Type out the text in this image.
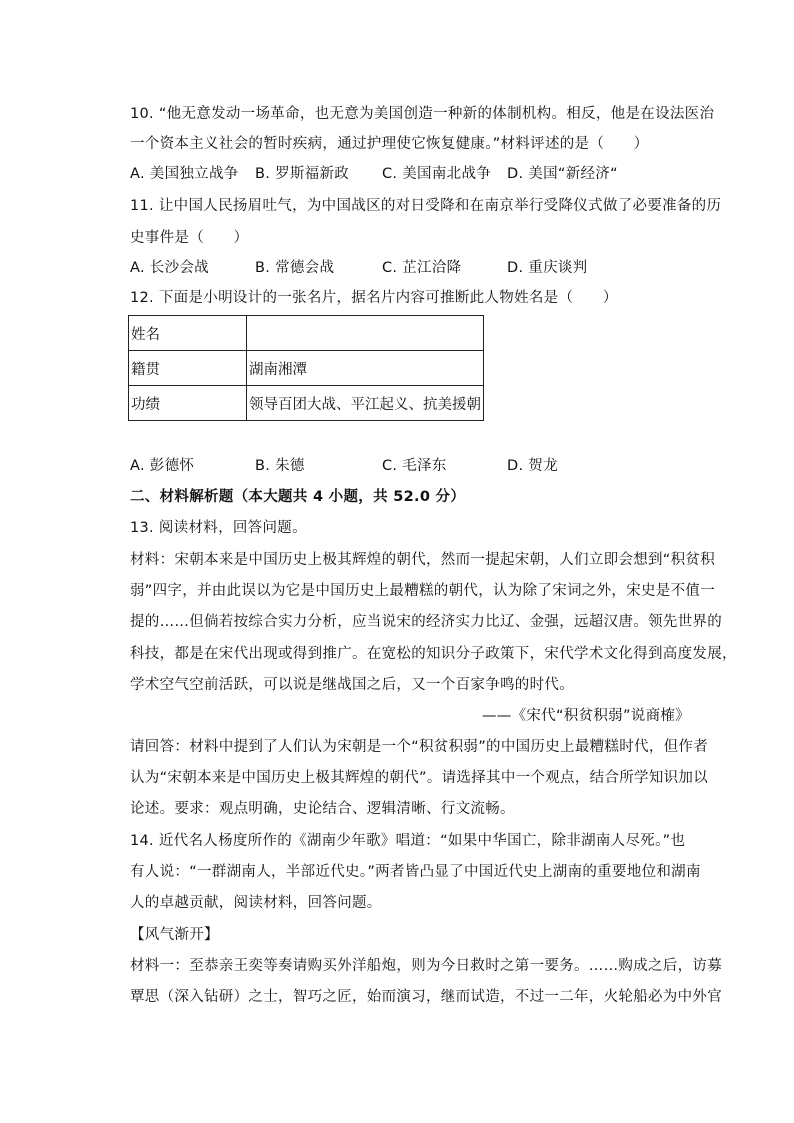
10. “他无意发动一场革命，也无意为美国创造一种新的体制机构。相反，他是在设法医治
一个资本主义社会的暂时疾病，通过护理使它恢复健康。”材料评述的是（　　）
A. 美国独立战争 B. 罗斯福新政 C. 美国南北战争 D. 美国“新经济“
11. 让中国人民扬眉吐气，为中国战区的对日受降和在南京举行受降仪式做了必要准备的历
史事件是（　　）
A. 长沙会战	B. 常德会战	C. 芷江洽降	D. 重庆谈判
12. 下面是小明设计的一张名片，据名片内容可推断此人物姓名是（　　）
姓名	
籍贯	湖南湘潭
功绩	领导百团大战、平江起义、抗美援朝
A. 彭德怀	B. 朱德	C. 毛泽东	D. 贺龙
二、材料解析题（本大题共 4 小题，共 52.0 分）
13. 阅读材料，回答问题。
材料：宋朝本来是中国历史上极其辉煌的朝代，然而一提起宋朝，人们立即会想到“积贫积
弱”四字，并由此误以为它是中国历史上最糟糕的朝代，认为除了宋词之外，宋史是不值一
提的……但倘若按综合实力分析，应当说宋的经济实力比辽、金强，远超汉唐。领先世界的
科技，都是在宋代出现或得到推广。在宽松的知识分子政策下，宋代学术文化得到高度发展，
学术空气空前活跃，可以说是继战国之后，又一个百家争鸣的时代。
——《宋代“积贫积弱”说商榷》
请回答：材料中提到了人们认为宋朝是一个“积贫积弱”的中国历史上最糟糕时代，但作者
认为“宋朝本来是中国历史上极其辉煌的朝代”。请选择其中一个观点，结合所学知识加以
论述。要求：观点明确，史论结合、逻辑清晰、行文流畅。
14. 近代名人杨度所作的《湖南少年歌》唱道：“如果中华国亡，除非湖南人尽死。”也
有人说：“一群湖南人，半部近代史。”两者皆凸显了中国近代史上湖南的重要地位和湖南
人的卓越贡献，阅读材料，回答问题。
【风气渐开】
材料一：至恭亲王奕等奏请购买外洋船炮，则为今日救时之第一要务。……购成之后，访募
覃思（深入钻研）之士，智巧之匠，始而演习，继而试造，不过一二年，火轮船必为中外官
